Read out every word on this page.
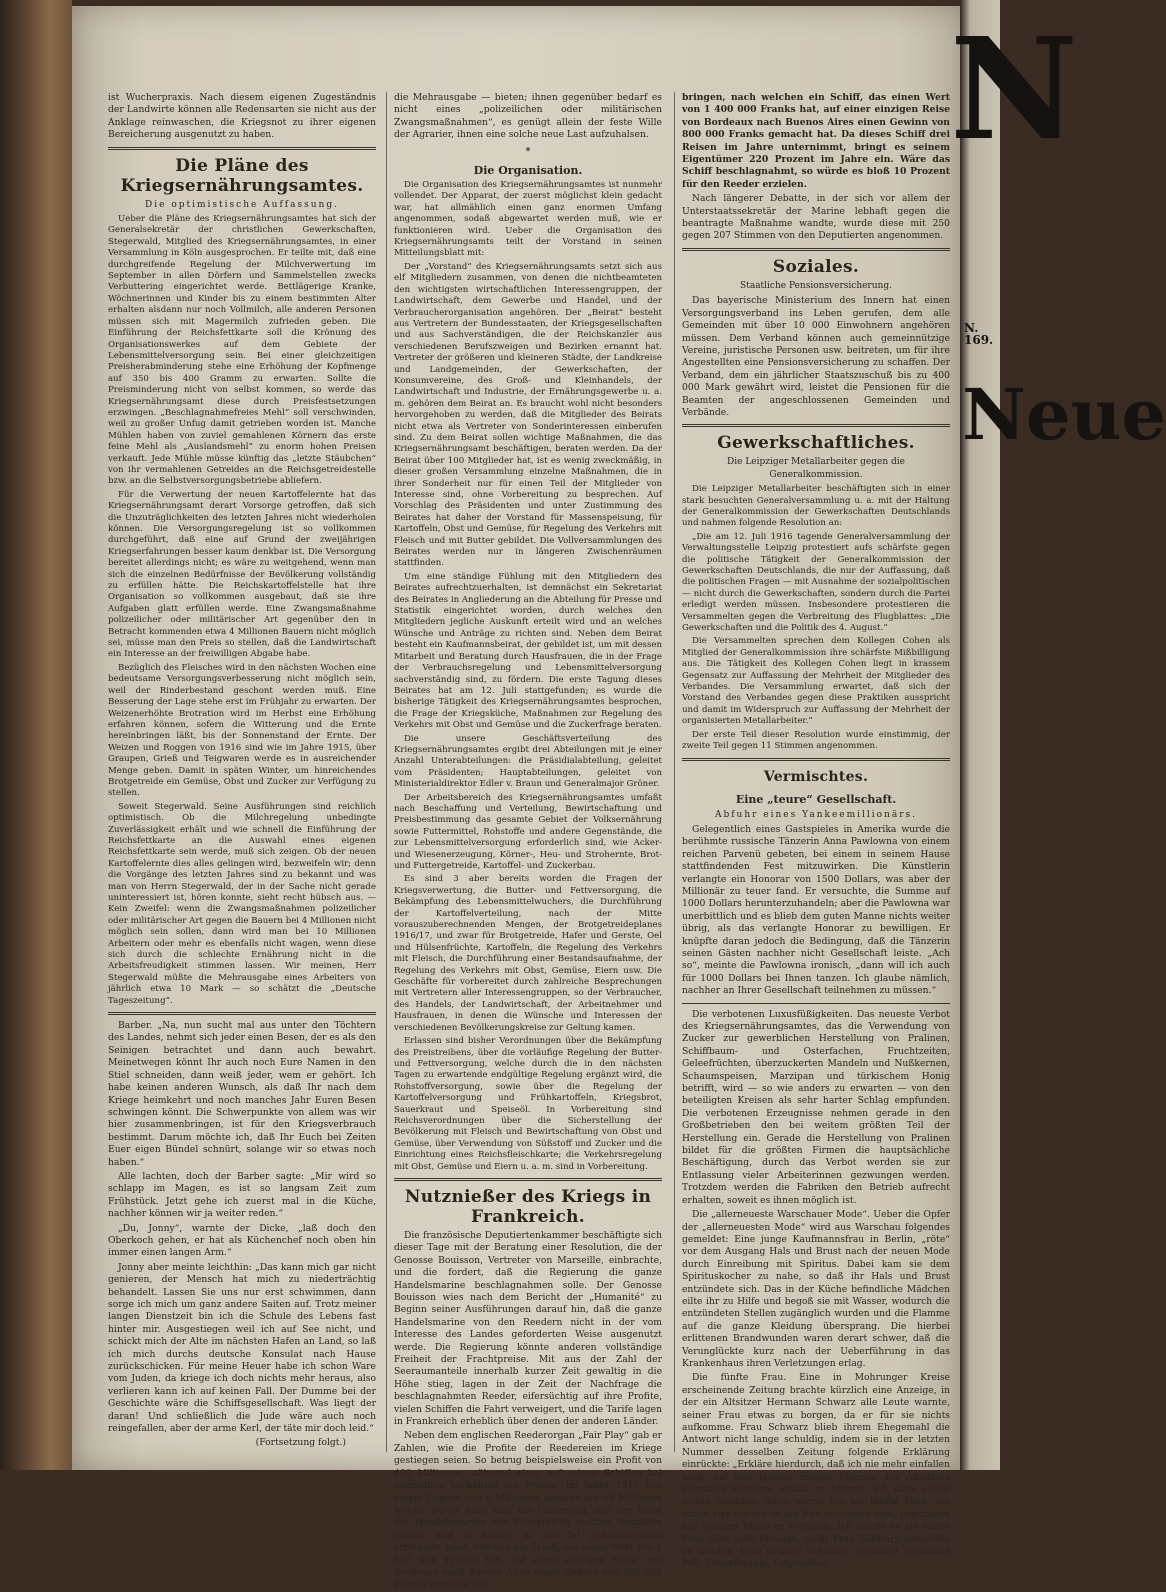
ist Wucherpraxis. Nach diesem eigenen Zugeständnis der Landwirte können alle Redensarten sie nicht aus der Anklage reinwaschen, die Kriegsnot zu ihrer eigenen Bereicherung ausgenutzt zu haben.

Die Pläne des Kriegsernährungsamtes.
Die optimistische Auffassung.

Ueber die Pläne des Kriegsernährungsamtes hat sich der Generalsekretär der christlichen Gewerkschaften, Stegerwald, Mitglied des Kriegsernährungsamtes, in einer Versammlung in Köln ausgesprochen. Er teilte mit, daß eine durchgreifende Regelung der Milchverwertung im September in allen Dörfern und Sammelstellen zwecks Verbuttering eingerichtet werde. Bettlägerige Kranke, Wöchnerinnen und Kinder bis zu einem bestimmten Alter erhalten alsdann nur noch Vollmilch, alle anderen Personen müssen sich mit Magermilch zufrieden geben. Die Einführung der Reichsfettkarte soll die Krönung des Organisationswerkes auf dem Gebiete der Lebensmittelversorgung sein. Bei einer gleichzeitigen Preisherabminderung stehe eine Erhöhung der Kopfmenge auf 350 bis 400 Gramm zu erwarten. Sollte die Preisminderung nicht von selbst kommen, so werde das Kriegsernährungsamt diese durch Preisfestsetzungen erzwingen. „Beschlagnahmefreies Mehl“ soll verschwinden, weil zu großer Unfug damit getrieben worden ist. Manche Mühlen haben von zuviel gemahlenen Körnern das erste feine Mehl als „Auslandsmehl“ zu enorm hohen Preisen verkauft. Jede Mühle müsse künftig das „letzte Stäubchen“ von ihr vermahlenen Getreides an die Reichsgetreidestelle bzw. an die Selbstversorgungsbetriebe abliefern.

Für die Verwertung der neuen Kartoffelernte hat das Kriegsernährungsamt derart Vorsorge getroffen, daß sich die Unzuträglichkeiten des letzten Jahres nicht wiederholen können. Die Versorgungsregelung ist so vollkommen durchgeführt, daß eine auf Grund der zweijährigen Kriegserfahrungen besser kaum denkbar ist. Die Versorgung bereitet allerdings nicht; es wäre zu weitgehend, wenn man sich die einzelnen Bedürfnisse der Bevölkerung vollständig zu erfüllen hätte. Die Reichskartoffelstelle hat ihre Organisation so vollkommen ausgebaut, daß sie ihre Aufgaben glatt erfüllen werde. Eine Zwangsmaßnahme polizeilicher oder militärischer Art gegenüber den in Betracht kommenden etwa 4 Millionen Bauern nicht möglich sei, müsse man den Preis so stellen, daß die Landwirtschaft ein Interesse an der freiwilligen Abgabe habe.

Bezüglich des Fleisches wird in den nächsten Wochen eine bedeutsame Versorgungsverbesserung nicht möglich sein, weil der Rinderbestand geschont werden muß. Eine Besserung der Lage stehe erst im Frühjahr zu erwarten. Der Weizenerhöhte Brotration wird im Herbst eine Erhöhung erfahren können, sofern die Witterung und die Ernte hereinbringen läßt, bis der Sonnenstand der Ernte. Der Weizen und Roggen von 1916 sind wie im Jahre 1915, über Graupen, Grieß und Teigwaren werde es in ausreichender Menge geben. Damit in späten Winter, um hinreichendes Brotgetreide ein Gemüse, Obst und Zucker zur Verfügung zu stellen.

Soweit Stegerwald. Seine Ausführungen sind reichlich optimistisch. Ob die Milchregelung unbedingte Zuverlässigkeit erhält und wie schnell die Einführung der Reichsfettkarte an die Auswahl eines eigenen Reichsfettkarte sein werde, muß sich zeigen. Ob der neuen Kartoffelernte dies alles gelingen wird, bezweifeln wir; denn die Vorgänge des letzten Jahres sind zu bekannt und was man von Herrn Stegerwald, der in der Sache nicht gerade uninteressiert ist, hören konnte, sieht recht hübsch aus. — Kein Zweifel: wenn die Zwangsmaßnahmen polizeilicher oder militärischer Art gegen die Bauern bei 4 Millionen nicht möglich sein sollen, dann wird man bei 10 Millionen Arbeitern oder mehr es ebenfalls nicht wagen, wenn diese sich durch die schlechte Ernährung nicht in die Arbeitsfreudigkeit stimmen lassen. Wir meinen, Herr Stegerwald müßte die Mehrausgabe eines Arbeiters von jährlich etwa 10 Mark — so schätzt die „Deutsche Tageszeitung“.

Barber. „Na, nun sucht mal aus unter den Töchtern des Landes, nehmt sich jeder einen Besen, der es als den Seinigen betrachtet und dann auch bewahrt. Meinetwegen könnt Ihr auch noch Eure Namen in den Stiel schneiden, dann weiß jeder, wem er gehört. Ich habe keinen anderen Wunsch, als daß Ihr nach dem Kriege heimkehrt und noch manches Jahr Euren Besen schwingen könnt. Die Schwerpunkte von allem was wir hier zusammenbringen, ist für den Kriegsverbrauch bestimmt. Darum möchte ich, daß Ihr Euch bei Zeiten Euer eigen Bündel schnürt, solange wir so etwas noch haben.“

Alle lachten, doch der Barber sagte: „Mir wird so schlapp im Magen, es ist so langsam Zeit zum Frühstück. Jetzt gehe ich zuerst mal in die Küche, nachher können wir ja weiter reden.“

„Du, Jonny“, warnte der Dicke, „laß doch den Oberkoch gehen, er hat als Küchenchef noch oben hin immer einen langen Arm.“

Jonny aber meinte leichthin: „Das kann mich gar nicht genieren, der Mensch hat mich zu niederträchtig behandelt. Lassen Sie uns nur erst schwimmen, dann sorge ich mich um ganz andere Saiten auf. Trotz meiner langen Dienstzeit bin ich die Schule des Lebens fast hinter mir. Ausgestiegen weil ich auf See nicht, und schickt mich der Alte im nächsten Hafen an Land, so laß ich mich durchs deutsche Konsulat nach Hause zurückschicken. Für meine Heuer habe ich schon Ware vom Juden, da kriege ich doch nichts mehr heraus, also verlieren kann ich auf keinen Fall. Der Dumme bei der Geschichte wäre die Schiffsgesellschaft. Was liegt der daran! Und schließlich die Jude wäre auch noch reingefallen, aber der arme Kerl, der täte mir doch leid.“

(Fortsetzung folgt.)

die Mehrausgabe — bieten; ihnen gegenüber bedarf es nicht eines „polizeilichen oder militärischen Zwangsmaßnahmen“, es genügt allein der feste Wille der Agrarier, ihnen eine solche neue Last aufzuhalsen.

*
Die Organisation.

Die Organisation des Kriegsernährungsamtes ist nunmehr vollendet. Der Apparat, der zuerst möglichst klein gedacht war, hat allmählich einen ganz enormen Umfang angenommen, sodaß abgewartet werden muß, wie er funktionieren wird. Ueber die Organisation des Kriegsernährungsamts teilt der Vorstand in seinen Mitteilungsblatt mit:

Der „Vorstand“ des Kriegsernährungsamts setzt sich aus elf Mitgliedern zusammen, von denen die nichtbeamteten den wichtigsten wirtschaftlichen Interessengruppen, der Landwirtschaft, dem Gewerbe und Handel, und der Verbraucherorganisation angehören. Der „Beirat“ besteht aus Vertretern der Bundesstaaten, der Kriegsgesellschaften und aus Sachverständigen, die der Reichskanzler aus verschiedenen Berufszweigen und Bezirken ernannt hat. Vertreter der größeren und kleineren Städte, der Landkreise und Landgemeinden, der Gewerkschaften, der Konsumvereine, des Groß- und Kleinhandels, der Landwirtschaft und Industrie, der Ernährungsgewerbe u. a. m. gehören dem Beirat an. Es braucht wohl nicht besonders hervorgehoben zu werden, daß die Mitglieder des Beirats nicht etwa als Vertreter von Sonderinteressen einberufen sind. Zu dem Beirat sollen wichtige Maßnahmen, die das Kriegsernährungsamt beschäftigen, beraten werden. Da der Beirat über 100 Mitglieder hat, ist es wenig zweckmäßig, in dieser großen Versammlung einzelne Maßnahmen, die in ihrer Sonderheit nur für einen Teil der Mitglieder von Interesse sind, ohne Vorbereitung zu besprechen. Auf Vorschlag des Präsidenten und unter Zustimmung des Beirates hat daher der Vorstand für Massenspeisung, für Kartoffeln, Obst und Gemüse, für Regelung des Verkehrs mit Fleisch und mit Butter gebildet. Die Vollversammlungen des Beirates werden nur in längeren Zwischenräumen stattfinden.

Um eine ständige Fühlung mit den Mitgliedern des Beirates aufrechtzuerhalten, ist demnächst ein Sekretariat des Beirates in Angliederung an die Abteilung für Presse und Statistik eingerichtet worden, durch welches den Mitgliedern jegliche Auskunft erteilt wird und an welches Wünsche und Anträge zu richten sind. Neben dem Beirat besteht ein Kaufmannsbeirat, der gebildet ist, um mit dessen Mitarbeit und Beratung durch Hausfrauen, die in der Frage der Verbrauchsregelung und Lebensmittelversorgung sachverständig sind, zu fördern. Die erste Tagung dieses Beirates hat am 12. Juli stattgefunden; es wurde die bisherige Tätigkeit des Kriegsernährungsamtes besprochen, die Frage der Kriegsküche, Maßnahmen zur Regelung des Verkehrs mit Obst und Gemüse und die Zuckerfrage beraten.

Die unsere Geschäftsverteilung des Kriegsernährungsamtes ergibt drei Abteilungen mit je einer Anzahl Unterabteilungen: die Präsidialabteilung, geleitet vom Präsidenten; Hauptabteilungen, geleitet von Ministerialdirektor Edler v. Braun und Generalmajor Gröner.

Der Arbeitsbereich des Kriegsernährungsamtes umfaßt nach Beschaffung und Verteilung, Bewirtschaftung und Preisbestimmung das gesamte Gebiet der Volksernährung sowie Futtermittel, Rohstoffe und andere Gegenstände, die zur Lebensmittelversorgung erforderlich sind, wie Acker- und Wiesenerzeugung, Körner-, Heu- und Strohernte, Brot- und Futtergetreide, Kartoffel- und Zuckerbau.

Es sind 3 aber bereits worden die Fragen der Kriegsverwertung, die Butter- und Fettversorgung, die Bekämpfung des Lebensmittelwuchers, die Durchführung der Kartoffelverteilung, nach der Mitte vorauszuberechnenden Mengen, der Brotgetreideplanes 1916/17, und zwar für Brotgetreide, Hafer und Gerste, Oel und Hülsenfrüchte, Kartoffeln, die Regelung des Verkehrs mit Fleisch, die Durchführung einer Bestandsaufnahme, der Regelung des Verkehrs mit Obst, Gemüse, Eiern usw. Die Geschäfte für vorbereitet durch zahlreiche Besprechungen mit Vertretern aller Interessengruppen, so der Verbraucher, des Handels, der Landwirtschaft, der Arbeitnehmer und Hausfrauen, in denen die Wünsche und Interessen der verschiedenen Bevölkerungskreise zur Geltung kamen.

Erlassen sind bisher Verordnungen über die Bekämpfung des Preistreibens, über die vorläufige Regelung der Butter- und Fettversorgung, welche durch die in den nächsten Tagen zu erwartende endgültige Regelung ergänzt wird, die Rohstoffversorgung, sowie über die Regelung der Kartoffelversorgung und Frühkartoffeln, Kriegsbrot, Sauerkraut und Speiseöl. In Vorbereitung sind Reichsverordnungen über die Sicherstellung der Bevölkerung mit Fleisch und Bewirtschaftung von Obst und Gemüse, über Verwendung von Süßstoff und Zucker und die Einrichtung eines Reichsfleischkarte; die Verkehrsregelung mit Obst, Gemüse und Eiern u. a. m. sind in Vorbereitung.

Nutznießer des Kriegs in Frankreich.

Die französische Deputiertenkammer beschäftigte sich dieser Tage mit der Beratung einer Resolution, die der Genosse Bouisson, Vertreter von Marseille, einbrachte, und die fordert, daß die Regierung die ganze Handelsmarine beschlagnahmen solle. Der Genosse Bouisson wies nach dem Bericht der „Humanité“ zu Beginn seiner Ausführungen darauf hin, daß die ganze Handelsmarine von den Reedern nicht in der vom Interesse des Landes geforderten Weise ausgenutzt werde. Die Regierung könnte anderen vollständige Freiheit der Frachtpreise. Mit aus der Zahl der Seeraumanteile innerhalb kurzer Zeit gewaltig in die Höhe stieg, lagen in der Zeit der Nachfrage die beschlagnahmten Reeder, eifersüchtig auf ihre Profite, vielen Schiffen die Fahrt verweigert, und die Tarife lagen in Frankreich erheblich über denen der anderen Länder.

Neben dem englischen Reederorgan „Fair Play“ gab er Zahlen, wie die Profite der Reedereien im Kriege gestiegen seien. So betrug beispielsweise ein Profit von 400 Millionen, während einer auf seinen Schiffen bei demselben Verhältnis die Profite, im Jahre 1915 von einem Gewinn von 6 Millionen beinahe auf 40 Millionen wuchs. Daher habe man die Forderung, daß der Staat die Handelsmarine mit Frankreichs machte, bezahlen müsse, und er konnte in der Tat Zahlenangaben erbringen, nach welchen ein Schiff, das einen Wert von 1 400 000 Franks hat, auf einer einzigen Reise von Bordeaux nach Buenos Aires einen Gewinn von 800 000 Franks gemacht hat.

bringen, nach welchen ein Schiff, das einen Wert von 1 400 000 Franks hat, auf einer einzigen Reise von Bordeaux nach Buenos Aires einen Gewinn von 800 000 Franks gemacht hat. Da dieses Schiff drei Reisen im Jahre unternimmt, bringt es seinem Eigentümer 220 Prozent im Jahre ein. Wäre das Schiff beschlagnahmt, so würde es bloß 10 Prozent für den Reeder erzielen.

Nach längerer Debatte, in der sich vor allem der Unterstaatssekretär der Marine lebhaft gegen die beantragte Maßnahme wandte, wurde diese mit 250 gegen 207 Stimmen von den Deputierten angenommen.

Soziales.
Staatliche Pensionsversicherung.

Das bayerische Ministerium des Innern hat einen Versorgungsverband ins Leben gerufen, dem alle Gemeinden mit über 10 000 Einwohnern angehören müssen. Dem Verband können auch gemeinnützige Vereine, juristische Personen usw. beitreten, um für ihre Angestellten eine Pensionsversicherung zu schaffen. Der Verband, dem ein jährlicher Staatszuschuß bis zu 400 000 Mark gewährt wird, leistet die Pensionen für die Beamten der angeschlossenen Gemeinden und Verbände.

Gewerkschaftliches.
Die Leipziger Metallarbeiter gegen die Generalkommission.

Die Leipziger Metallarbeiter beschäftigten sich in einer stark besuchten Generalversammlung u. a. mit der Haltung der Generalkommission der Gewerkschaften Deutschlands und nahmen folgende Resolution an:

„Die am 12. Juli 1916 tagende Generalversammlung der Verwaltungsstelle Leipzig protestiert aufs schärfste gegen die politische Tätigkeit der Generalkommission der Gewerkschaften Deutschlands, die nur der Auffassung, daß die politischen Fragen — mit Ausnahme der sozialpolitischen — nicht durch die Gewerkschaften, sondern durch die Partei erledigt werden müssen. Insbesondere protestieren die Versammelten gegen die Verbreitung des Flugblattes: „Die Gewerkschaften und die Politik des 4. August.“

Die Versammelten sprechen dem Kollegen Cohen als Mitglied der Generalkommission ihre schärfste Mißbilligung aus. Die Tätigkeit des Kollegen Cohen liegt in krassem Gegensatz zur Auffassung der Mehrheit der Mitglieder des Verbandes. Die Versammlung erwartet, daß sich der Vorstand des Verbandes gegen diese Praktiken ausspricht und damit im Widerspruch zur Auffassung der Mehrheit der organisierten Metallarbeiter.“

Der erste Teil dieser Resolution wurde einstimmig, der zweite Teil gegen 11 Stimmen angenommen.

Vermischtes.
Eine „teure“ Gesellschaft.
Abfuhr eines Yankeemillionärs.

Gelegentlich eines Gastspieles in Amerika wurde die berühmte russische Tänzerin Anna Pawlowna von einem reichen Parvenü gebeten, bei einem in seinem Hause stattfindenden Fest mitzuwirken. Die Künstlerin verlangte ein Honorar von 1500 Dollars, was aber der Millionär zu teuer fand. Er versuchte, die Summe auf 1000 Dollars herunterzuhandeln; aber die Pawlowna war unerbittlich und es blieb dem guten Manne nichts weiter übrig, als das verlangte Honorar zu bewilligen. Er knüpfte daran jedoch die Bedingung, daß die Tänzerin seinen Gästen nachher nicht Gesellschaft leiste. „Ach so“, meinte die Pawlowna ironisch, „dann will ich auch für 1000 Dollars bei Ihnen tanzen. Ich glaube nämlich, nachher an Ihrer Gesellschaft teilnehmen zu müssen.“

Die verbotenen Luxusfüßigkeiten. Das neueste Verbot des Kriegsernährungsamtes, das die Verwendung von Zucker zur gewerblichen Herstellung von Pralinen, Schiffbaum- und Osterfachen, Fruchtzeiten, Geleefrüchten, überzuckerten Mandeln und Nußkernen, Schaumspeisen, Marzipan und türkischem Honig betrifft, wird — so wie anders zu erwarten — von den beteiligten Kreisen als sehr harter Schlag empfunden. Die verbotenen Erzeugnisse nehmen gerade in den Großbetrieben den bei weitem größten Teil der Herstellung ein. Gerade die Herstellung von Pralinen bildet für die größten Firmen die hauptsächliche Beschäftigung, durch das Verbot werden sie zur Entlassung vieler Arbeiterinnen gezwungen werden. Trotzdem werden die Fabriken den Betrieb aufrecht erhalten, soweit es ihnen möglich ist.

Die „allerneueste Warschauer Mode“. Ueber die Opfer der „allerneuesten Mode“ wird aus Warschau folgendes gemeldet: Eine junge Kaufmannsfrau in Berlin, „röte“ vor dem Ausgang Hals und Brust nach der neuen Mode durch Einreibung mit Spiritus. Dabei kam sie dem Spirituskocher zu nahe, so daß ihr Hals und Brust entzündete sich. Das in der Küche befindliche Mädchen eilte ihr zu Hilfe und begoß sie mit Wasser, wodurch die entzündeten Stellen zugänglich wurden und die Flamme auf die ganze Kleidung übersprang. Die hierbei erlittenen Brandwunden waren derart schwer, daß die Verunglückte kurz nach der Ueberführung in das Krankenhaus ihren Verletzungen erlag.

Die fünfte Frau. Eine in Mohrunger Kreise erscheinende Zeitung brachte kürzlich eine Anzeige, in der ein Altsitzer Hermann Schwarz alle Leute warnte, seiner Frau etwas zu borgen, da er für sie nichts aufkomme. Frau Schwarz blieb ihrem Ehegemahl die Antwort nicht lange schuldig, indem sie in der letzten Nummer desselben Zeitung folgende Erklärung einrückte: „Erkläre hierdurch, daß ich nie mehr einfallen wird, auf den Namen meines Mannes des Altsitzers Hermann Schwarz, etwas zu borgen. Ich kann selbst nichts besitzen. Auch warne ich als fünfte Frau, die schon vier vor mir in der Ehe gestorben sind, jedermann vor meinem Mann zu verloben. Ich würde es als fünfte Frau aber sehr bereuen, nicht Frau Schwarz geworden zu werden, Frau Rentier Schwarz, verwitwet gewesene Pöll, Schnellwalde, Ostpreußen.“

N
N. 169.
Neue
